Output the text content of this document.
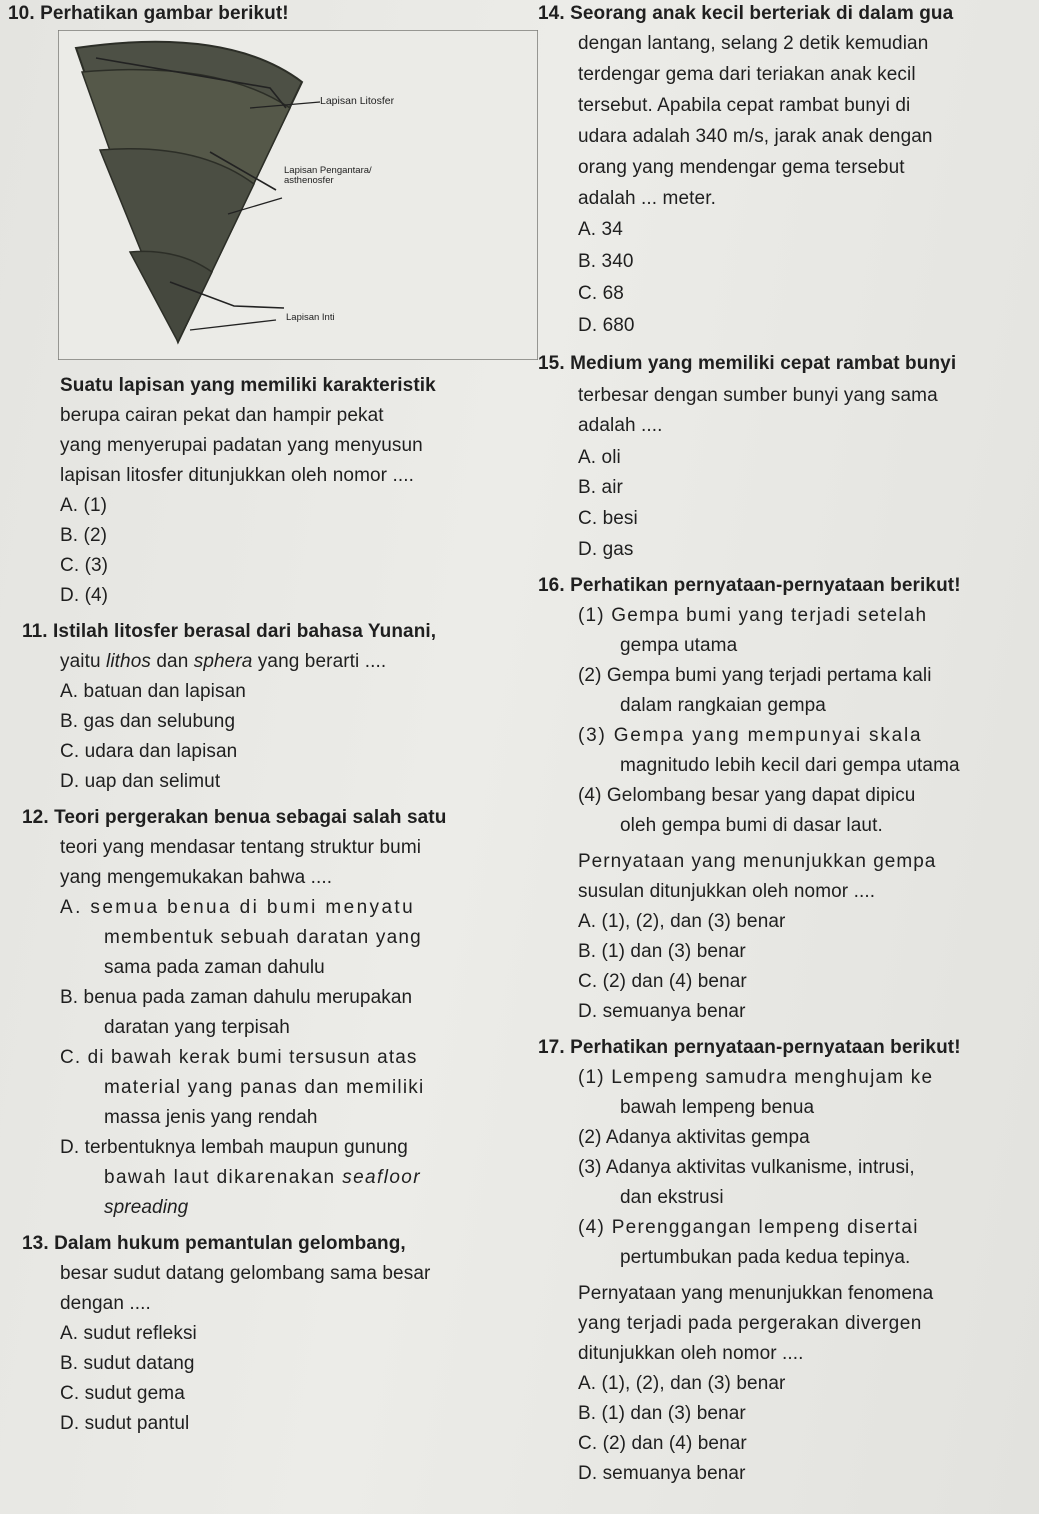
10. Perhatikan gambar berikut!
Lapisan Litosfer
Lapisan Pengantara/
asthenosfer
Lapisan Inti
Suatu lapisan yang memiliki karakteristik
berupa cairan pekat dan hampir pekat
yang menyerupai padatan yang menyusun
lapisan litosfer ditunjukkan oleh nomor ....
A. (1)
B. (2)
C. (3)
D. (4)
11. Istilah litosfer berasal dari bahasa Yunani,
yaitu lithos dan sphera yang berarti ....
A. batuan dan lapisan
B. gas dan selubung
C. udara dan lapisan
D. uap dan selimut
12. Teori pergerakan benua sebagai salah satu
teori yang mendasar tentang struktur bumi
yang mengemukakan bahwa ....
A. semua benua di bumi menyatu
membentuk sebuah daratan yang
sama pada zaman dahulu
B. benua pada zaman dahulu merupakan
daratan yang terpisah
C. di bawah kerak bumi tersusun atas
material yang panas dan memiliki
massa jenis yang rendah
D. terbentuknya lembah maupun gunung
bawah laut dikarenakan seafloor
spreading
13. Dalam hukum pemantulan gelombang,
besar sudut datang gelombang sama besar
dengan ....
A. sudut refleksi
B. sudut datang
C. sudut gema
D. sudut pantul
14. Seorang anak kecil berteriak di dalam gua
dengan lantang, selang 2 detik kemudian
terdengar gema dari teriakan anak kecil
tersebut. Apabila cepat rambat bunyi di
udara adalah 340 m/s, jarak anak dengan
orang yang mendengar gema tersebut
adalah ... meter.
A. 34
B. 340
C. 68
D. 680
15. Medium yang memiliki cepat rambat bunyi
terbesar dengan sumber bunyi yang sama
adalah ....
A. oli
B. air
C. besi
D. gas
16. Perhatikan pernyataan-pernyataan berikut!
(1) Gempa bumi yang terjadi setelah
gempa utama
(2) Gempa bumi yang terjadi pertama kali
dalam rangkaian gempa
(3) Gempa yang mempunyai skala
magnitudo lebih kecil dari gempa utama
(4) Gelombang besar yang dapat dipicu
oleh gempa bumi di dasar laut.
Pernyataan yang menunjukkan gempa
susulan ditunjukkan oleh nomor ....
A. (1), (2), dan (3) benar
B. (1) dan (3) benar
C. (2) dan (4) benar
D. semuanya benar
17. Perhatikan pernyataan-pernyataan berikut!
(1) Lempeng samudra menghujam ke
bawah lempeng benua
(2) Adanya aktivitas gempa
(3) Adanya aktivitas vulkanisme, intrusi,
dan ekstrusi
(4) Perenggangan lempeng disertai
pertumbukan pada kedua tepinya.
Pernyataan yang menunjukkan fenomena
yang terjadi pada pergerakan divergen
ditunjukkan oleh nomor ....
A. (1), (2), dan (3) benar
B. (1) dan (3) benar
C. (2) dan (4) benar
D. semuanya benar
